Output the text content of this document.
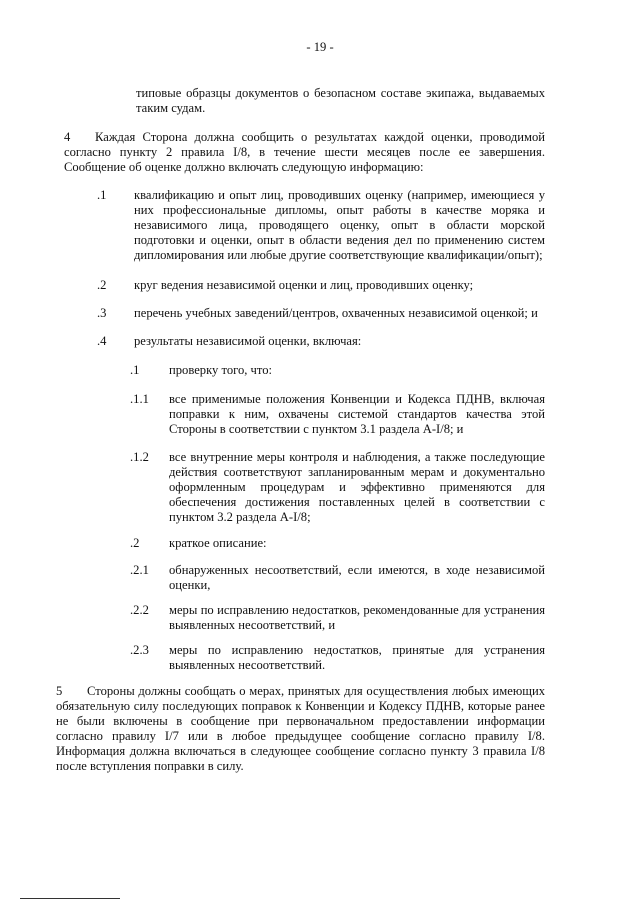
- 19 -
типовые образцы документов о безопасном составе экипажа, выдаваемых таким судам.
4 Каждая Сторона должна сообщить о результатах каждой оценки, проводимой согласно пункту 2 правила I/8, в течение шести месяцев после ее завершения. Сообщение об оценке должно включать следующую информацию:
.1 квалификацию и опыт лиц, проводивших оценку (например, имеющиеся у них профессиональные дипломы, опыт работы в качестве моряка и независимого лица, проводящего оценку, опыт в области морской подготовки и оценки, опыт в области ведения дел по применению систем дипломирования или любые другие соответствующие квалификации/опыт);
.2 круг ведения независимой оценки и лиц, проводивших оценку;
.3 перечень учебных заведений/центров, охваченных независимой оценкой; и
.4 результаты независимой оценки, включая:
.1 проверку того, что:
.1.1 все применимые положения Конвенции и Кодекса ПДНВ, включая поправки к ним, охвачены системой стандартов качества этой Стороны в соответствии с пунктом 3.1 раздела A-I/8; и
.1.2 все внутренние меры контроля и наблюдения, а также последующие действия соответствуют запланированным мерам и документально оформленным процедурам и эффективно применяются для обеспечения достижения поставленных целей в соответствии с пунктом 3.2 раздела A-I/8;
.2 краткое описание:
.2.1 обнаруженных несоответствий, если имеются, в ходе независимой оценки,
.2.2 меры по исправлению недостатков, рекомендованные для устранения выявленных несоответствий, и
.2.3 меры по исправлению недостатков, принятые для устранения выявленных несоответствий.
5 Стороны должны сообщать о мерах, принятых для осуществления любых имеющих обязательную силу последующих поправок к Конвенции и Кодексу ПДНВ, которые ранее не были включены в сообщение при первоначальном предоставлении информации согласно правилу I/7 или в любое предыдущее сообщение согласно правилу I/8. Информация должна включаться в следующее сообщение согласно пункту 3 правила I/8 после вступления поправки в силу.
